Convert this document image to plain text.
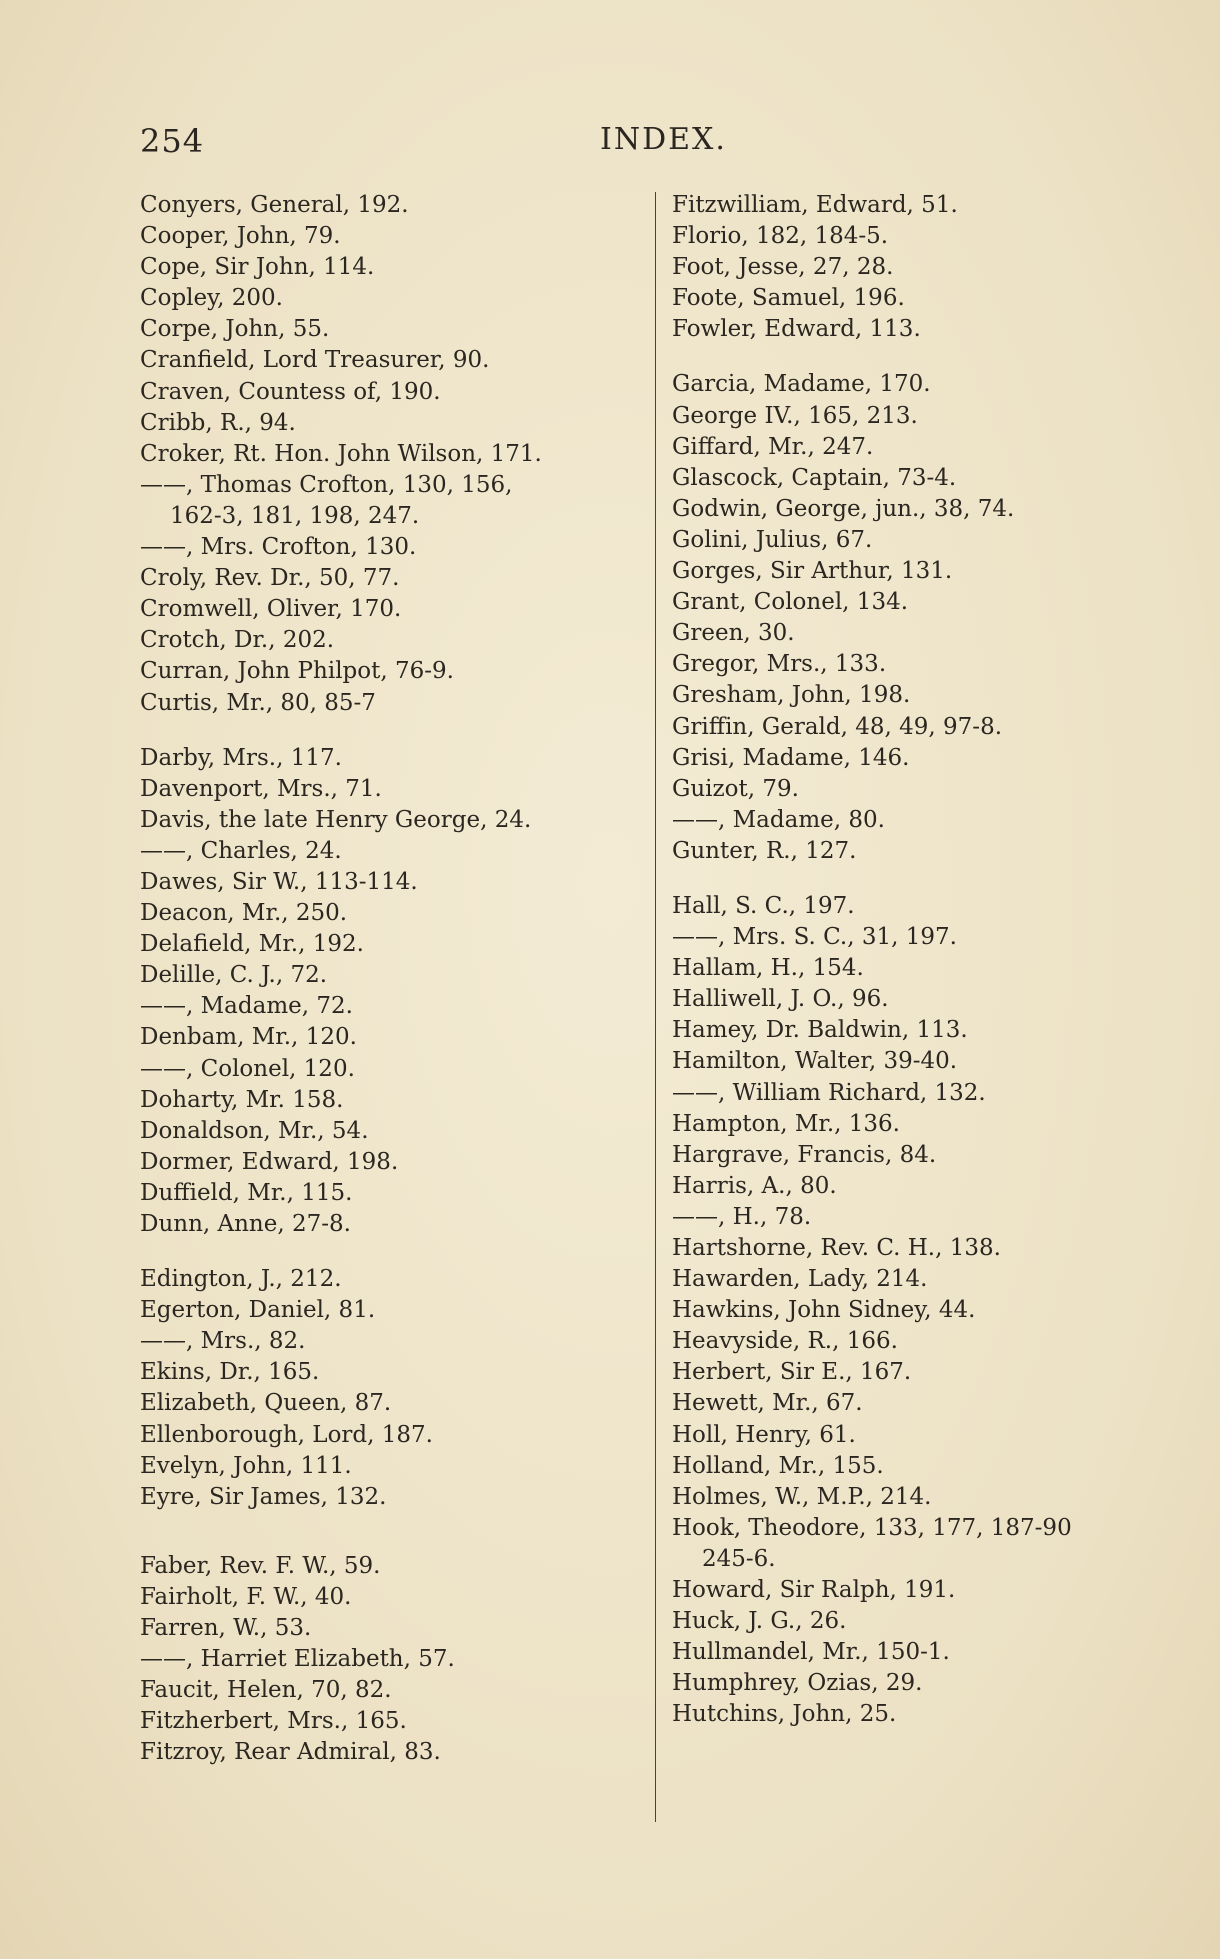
254	INDEX.
Conyers, General, 192.
Cooper, John, 79.
Cope, Sir John, 114.
Copley, 200.
Corpe, John, 55.
Cranfield, Lord Treasurer, 90.
Craven, Countess of, 190.
Cribb, R., 94.
Croker, Rt. Hon. John Wilson, 171.
——, Thomas Crofton, 130, 156,
162-3, 181, 198, 247.
——, Mrs. Crofton, 130.
Croly, Rev. Dr., 50, 77.
Cromwell, Oliver, 170.
Crotch, Dr., 202.
Curran, John Philpot, 76-9.
Curtis, Mr., 80, 85-7
Darby, Mrs., 117.
Davenport, Mrs., 71.
Davis, the late Henry George, 24.
——, Charles, 24.
Dawes, Sir W., 113-114.
Deacon, Mr., 250.
Delafield, Mr., 192.
Delille, C. J., 72.
——, Madame, 72.
Denbam, Mr., 120.
——, Colonel, 120.
Doharty, Mr. 158.
Donaldson, Mr., 54.
Dormer, Edward, 198.
Duffield, Mr., 115.
Dunn, Anne, 27-8.
Edington, J., 212.
Egerton, Daniel, 81.
——, Mrs., 82.
Ekins, Dr., 165.
Elizabeth, Queen, 87.
Ellenborough, Lord, 187.
Evelyn, John, 111.
Eyre, Sir James, 132.
Faber, Rev. F. W., 59.
Fairholt, F. W., 40.
Farren, W., 53.
——, Harriet Elizabeth, 57.
Faucit, Helen, 70, 82.
Fitzherbert, Mrs., 165.
Fitzroy, Rear Admiral, 83.
Fitzwilliam, Edward, 51.
Florio, 182, 184-5.
Foot, Jesse, 27, 28.
Foote, Samuel, 196.
Fowler, Edward, 113.
Garcia, Madame, 170.
George IV., 165, 213.
Giffard, Mr., 247.
Glascock, Captain, 73-4.
Godwin, George, jun., 38, 74.
Golini, Julius, 67.
Gorges, Sir Arthur, 131.
Grant, Colonel, 134.
Green, 30.
Gregor, Mrs., 133.
Gresham, John, 198.
Griffin, Gerald, 48, 49, 97-8.
Grisi, Madame, 146.
Guizot, 79.
——, Madame, 80.
Gunter, R., 127.
Hall, S. C., 197.
——, Mrs. S. C., 31, 197.
Hallam, H., 154.
Halliwell, J. O., 96.
Hamey, Dr. Baldwin, 113.
Hamilton, Walter, 39-40.
——, William Richard, 132.
Hampton, Mr., 136.
Hargrave, Francis, 84.
Harris, A., 80.
——, H., 78.
Hartshorne, Rev. C. H., 138.
Hawarden, Lady, 214.
Hawkins, John Sidney, 44.
Heavyside, R., 166.
Herbert, Sir E., 167.
Hewett, Mr., 67.
Holl, Henry, 61.
Holland, Mr., 155.
Holmes, W., M.P., 214.
Hook, Theodore, 133, 177, 187-90
245-6.
Howard, Sir Ralph, 191.
Huck, J. G., 26.
Hullmandel, Mr., 150-1.
Humphrey, Ozias, 29.
Hutchins, John, 25.
